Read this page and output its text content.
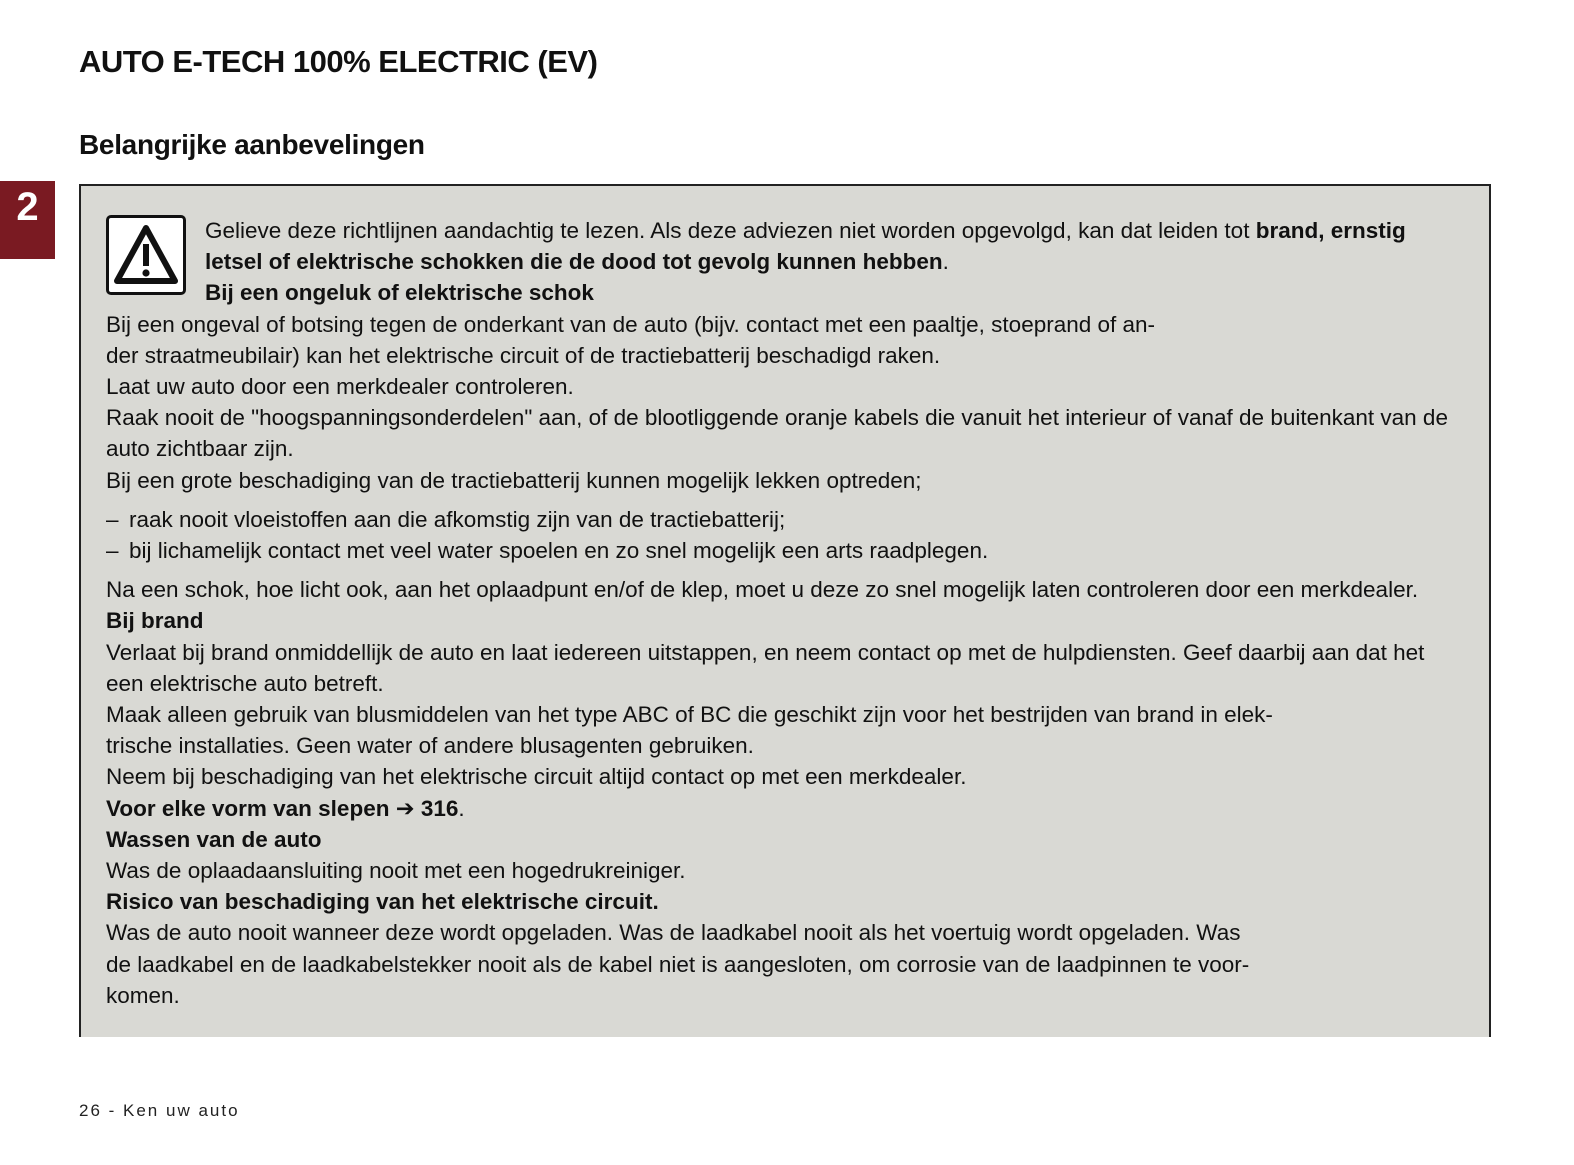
AUTO E-TECH 100% ELECTRIC (EV)
Belangrijke aanbevelingen
2

Gelieve deze richtlijnen aandachtig te lezen. Als deze adviezen niet worden opgevolgd, kan dat leiden tot brand, ernstig letsel of elektrische schokken die de dood tot gevolg kunnen hebben.

Bij een ongeluk of elektrische schok

Bij een ongeval of botsing tegen de onderkant van de auto (bijv. contact met een paaltje, stoeprand of an-

der straatmeubilair) kan het elektrische circuit of de tractiebatterij beschadigd raken.

Laat uw auto door een merkdealer controleren.

Raak nooit de "hoogspanningsonderdelen" aan, of de blootliggende oranje kabels die vanuit het interieur of vanaf de buitenkant van de auto zichtbaar zijn.

Bij een grote beschadiging van de tractiebatterij kunnen mogelijk lekken optreden;

– raak nooit vloeistoffen aan die afkomstig zijn van de tractiebatterij;
– bij lichamelijk contact met veel water spoelen en zo snel mogelijk een arts raadplegen.

Na een schok, hoe licht ook, aan het oplaadpunt en/of de klep, moet u deze zo snel mogelijk laten controleren door een merkdealer.

Bij brand

Verlaat bij brand onmiddellijk de auto en laat iedereen uitstappen, en neem contact op met de hulpdiensten. Geef daarbij aan dat het een elektrische auto betreft.

Maak alleen gebruik van blusmiddelen van het type ABC of BC die geschikt zijn voor het bestrijden van brand in elek-

trische installaties. Geen water of andere blusagenten gebruiken.

Neem bij beschadiging van het elektrische circuit altijd contact op met een merkdealer.

Voor elke vorm van slepen ➔ 316.

Wassen van de auto

Was de oplaadaansluiting nooit met een hogedrukreiniger.

Risico van beschadiging van het elektrische circuit.

Was de auto nooit wanneer deze wordt opgeladen. Was de laadkabel nooit als het voertuig wordt opgeladen. Was

de laadkabel en de laadkabelstekker nooit als de kabel niet is aangesloten, om corrosie van de laadpinnen te voor-

komen.

26 - Ken uw auto
